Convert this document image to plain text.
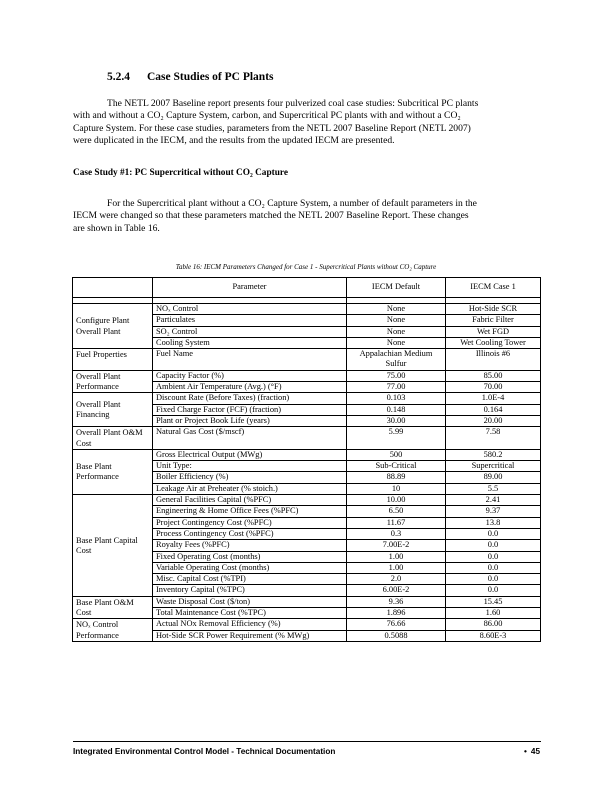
5.2.4 Case Studies of PC Plants

The NETL 2007 Baseline report presents four pulverized coal case studies: Subcritical PC plants
with and without a CO₂ Capture System, carbon, and Supercritical PC plants with and without a CO₂
Capture System. For these case studies, parameters from the NETL 2007 Baseline Report (NETL 2007)
were duplicated in the IECM, and the results from the updated IECM are presented.

Case Study #1: PC Supercritical without CO₂ Capture

For the Supercritical plant without a CO₂ Capture System, a number of default parameters in the
IECM were changed so that these parameters matched the NETL 2007 Baseline Report. These changes
are shown in Table 16.

Table 16: IECM Parameters Changed for Case 1 - Supercritical Plants without CO₂ Capture
	Parameter	IECM Default	IECM Case 1

Configure Plant Overall Plant	NOₓ Control	None	Hot-Side SCR
	Particulates	None	Fabric Filter
	SO₂ Control	None	Wet FGD
	Cooling System	None	Wet Cooling Tower
Fuel Properties	Fuel Name	Appalachian Medium Sulfur	Illinois #6
Overall Plant Performance	Capacity Factor (%)	75.00	85.00
	Ambient Air Temperature (Avg.) (°F)	77.00	70.00
Overall Plant Financing	Discount Rate (Before Taxes) (fraction)	0.103	1.0E-4
	Fixed Charge Factor (FCF) (fraction)	0.148	0.164
	Plant or Project Book Life (years)	30.00	20.00
Overall Plant O&M Cost	Natural Gas Cost ($/mscf)	5.99	7.58
Base Plant Performance	Gross Electrical Output (MWg)	500	580.2
	Unit Type:	Sub-Critical	Supercritical
	Boiler Efficiency (%)	88.89	89.00
	Leakage Air at Preheater (% stoich.)	10	5.5
Base Plant Capital Cost	General Facilities Capital (%PFC)	10.00	2.41
	Engineering & Home Office Fees (%PFC)	6.50	9.37
	Project Contingency Cost (%PFC)	11.67	13.8
	Process Contingency Cost (%PFC)	0.3	0.0
	Royalty Fees (%PFC)	7.00E-2	0.0
	Fixed Operating Cost (months)	1.00	0.0
	Variable Operating Cost (months)	1.00	0.0
	Misc. Capital Cost (%TPI)	2.0	0.0
	Inventory Capital (%TPC)	6.00E-2	0.0
Base Plant O&M Cost	Waste Disposal Cost ($/ton)	9.36	15.45
	Total Maintenance Cost (%TPC)	1.896	1.60
NOₓ Control Performance	Actual NOx Removal Efficiency (%)	76.66	86.00
	Hot-Side SCR Power Requirement (% MWg)	0.5088	8.60E-3
Integrated Environmental Control Model - Technical Documentation	• 45
